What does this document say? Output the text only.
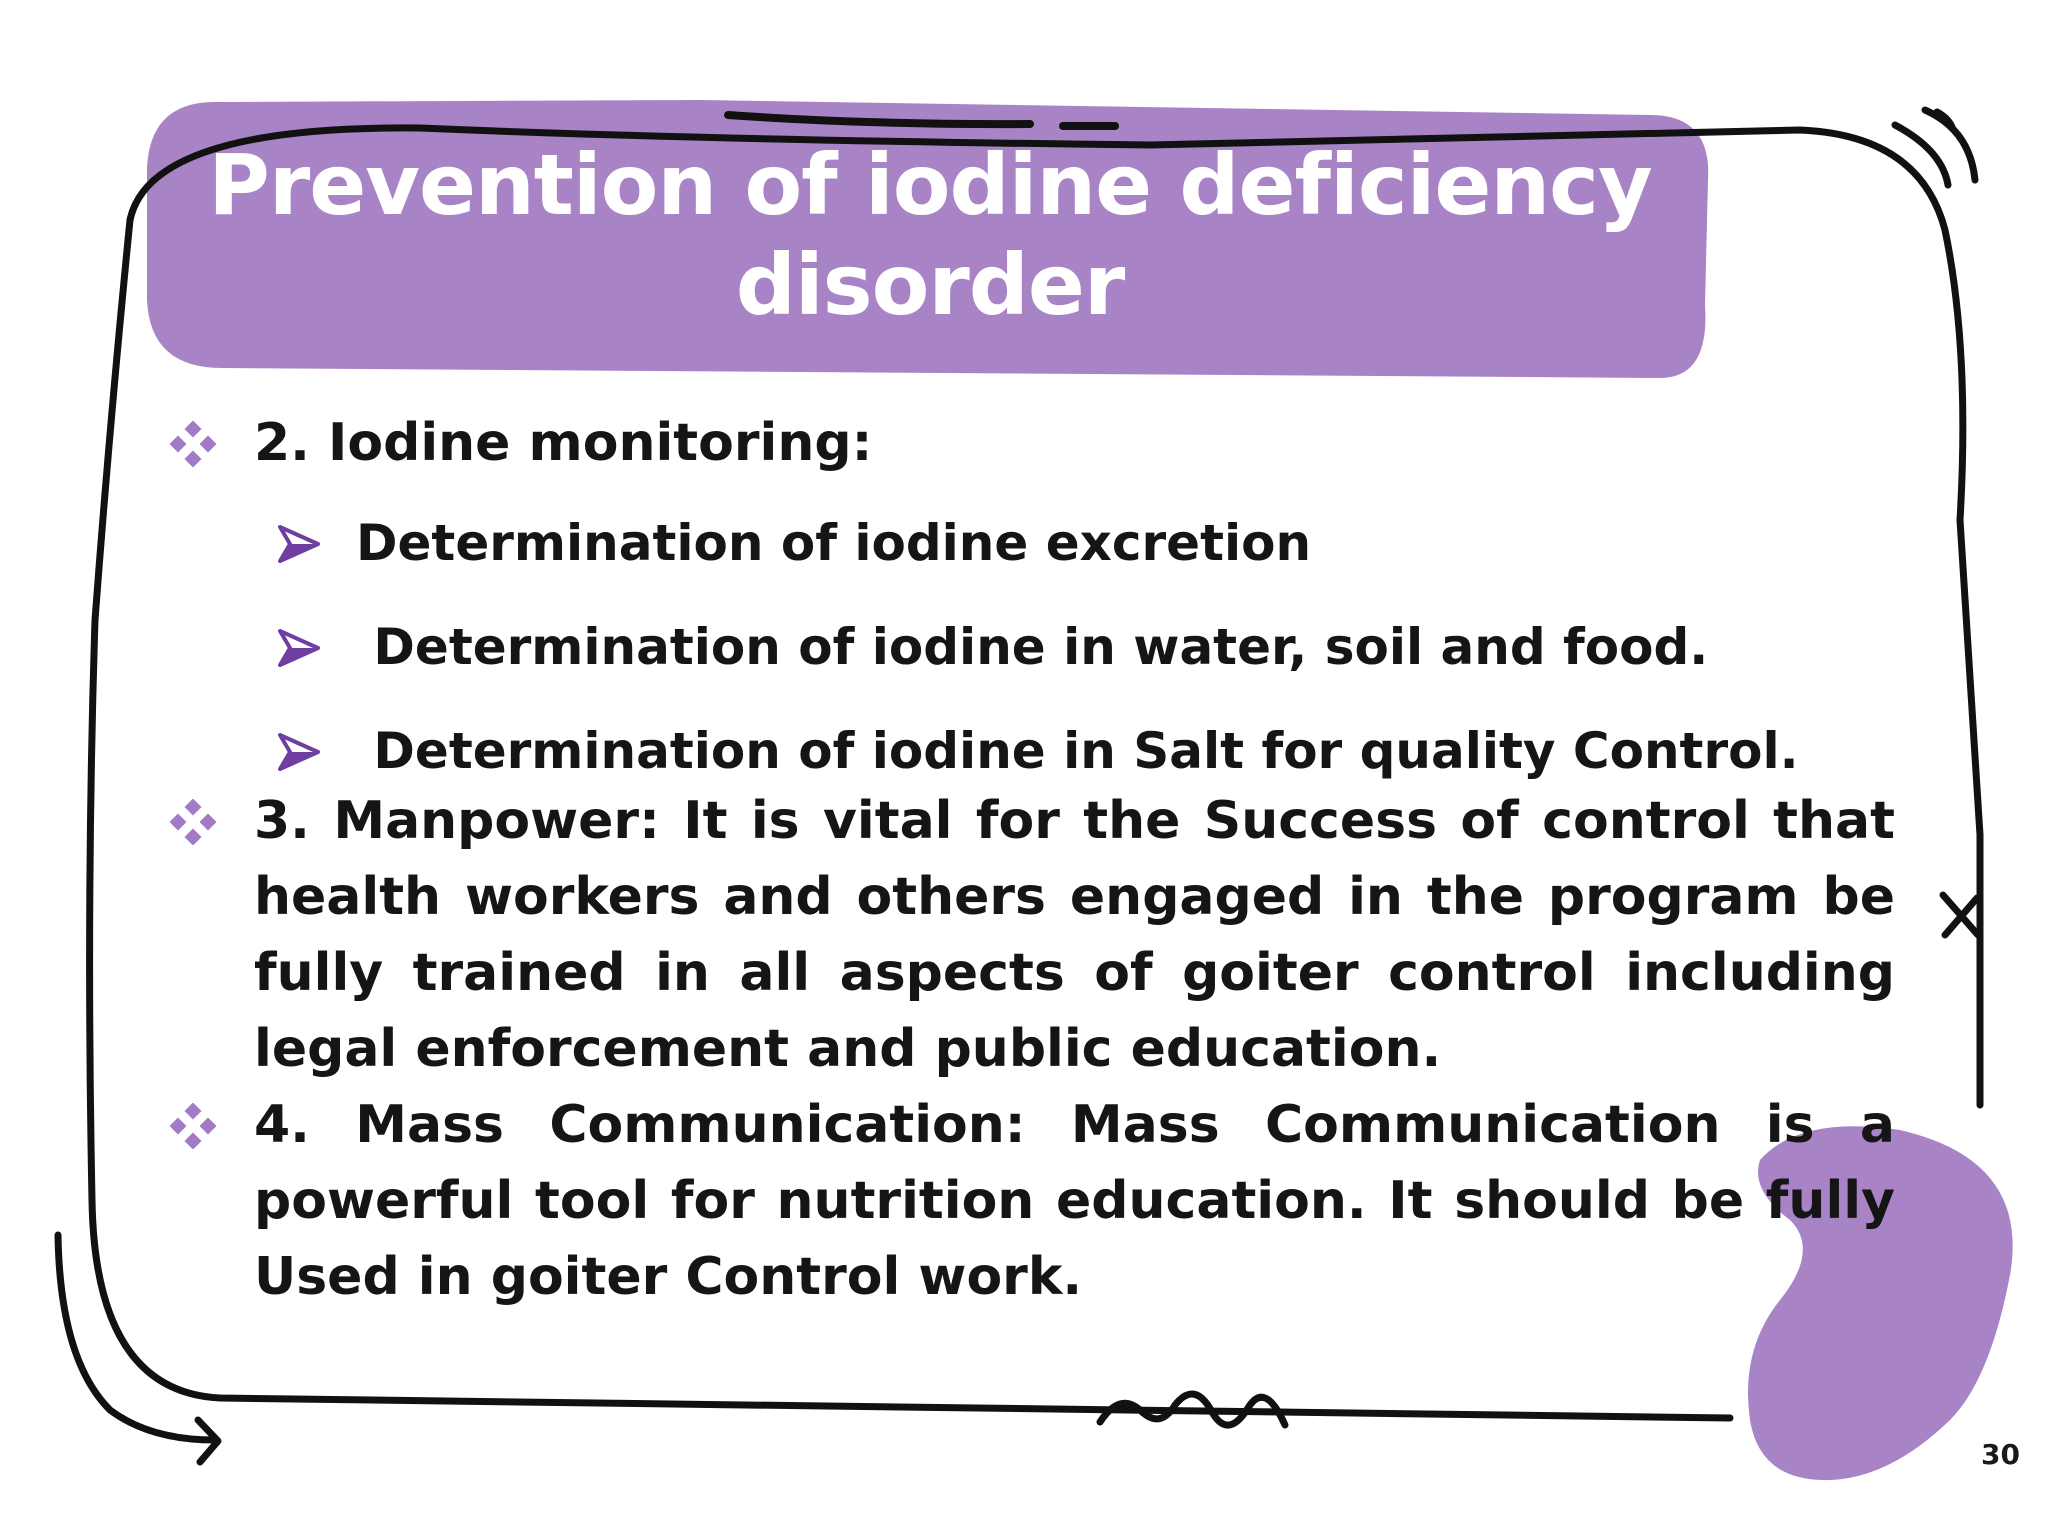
Prevention of iodine deficiency disorder
2. Iodine monitoring:
Determination of iodine excretion
Determination of iodine in water, soil and food.
Determination of iodine in Salt for quality Control.
3. Manpower: It is vital for the Success of control that health workers and others engaged in the program be fully trained in all aspects of goiter control including legal enforcement and public education.
4. Mass Communication: Mass Communication is a powerful tool for nutrition education. It should be fully Used in goiter Control work.
30
